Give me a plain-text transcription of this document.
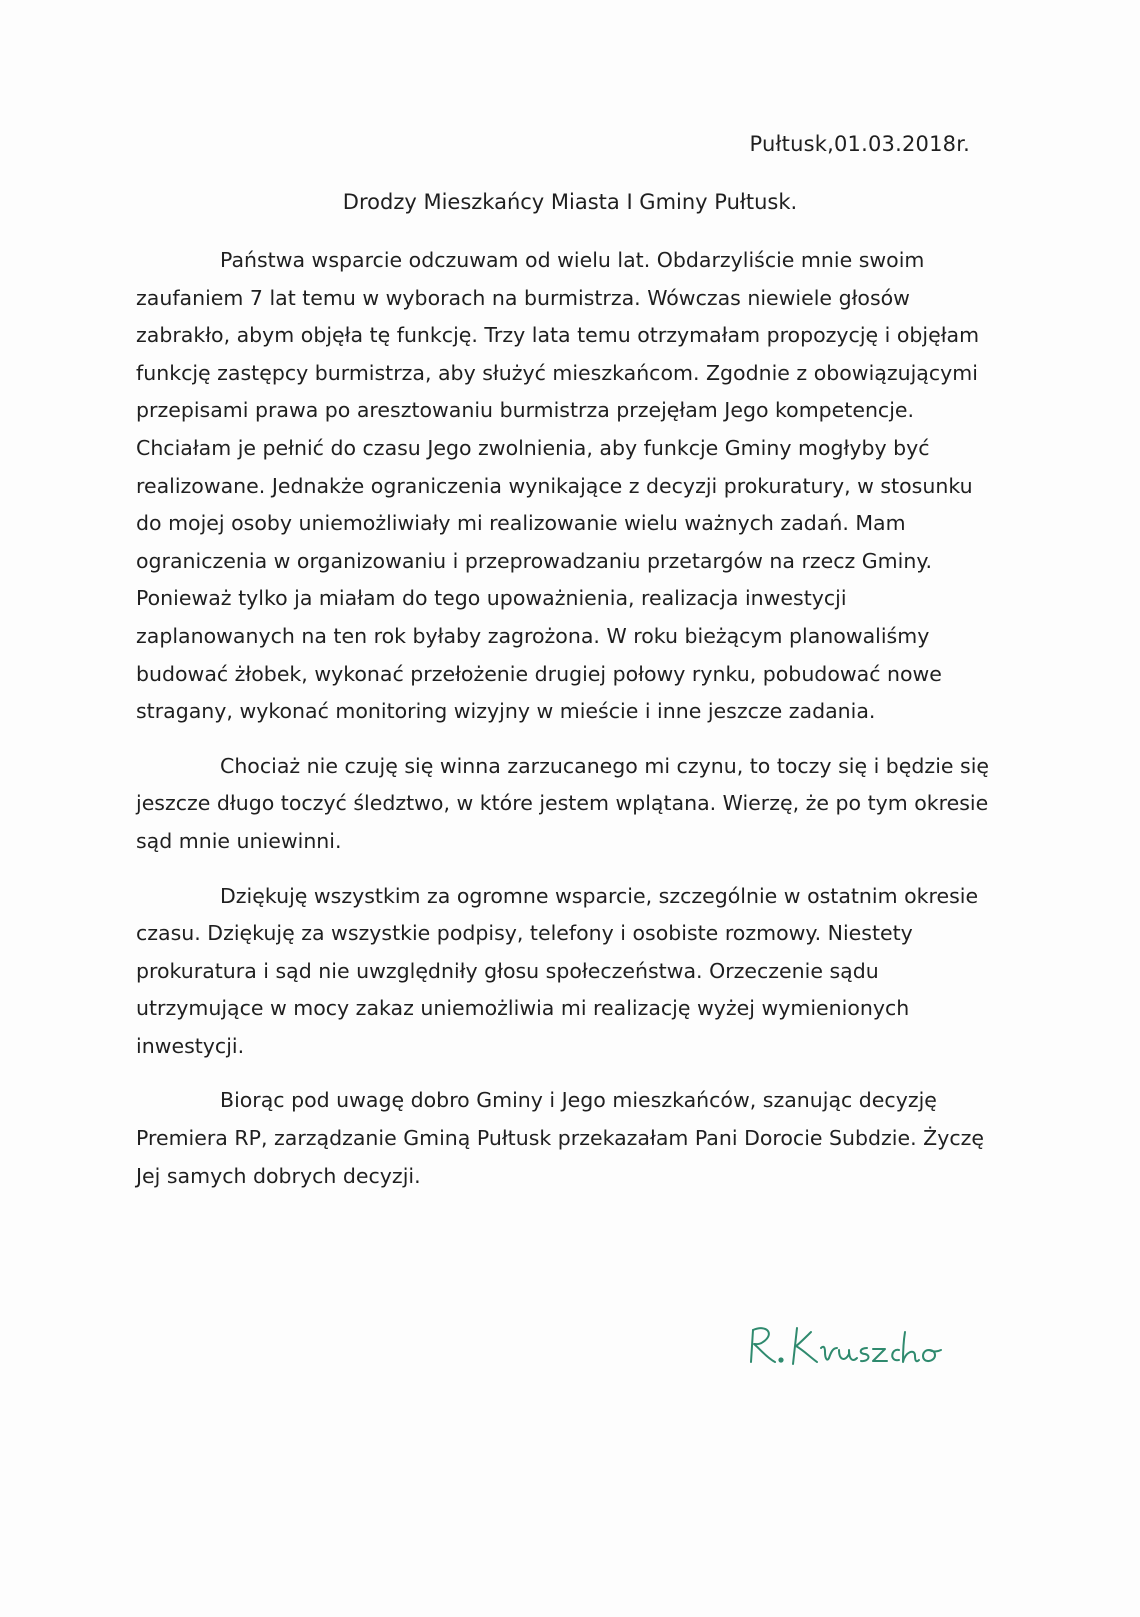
Pułtusk,01.03.2018r.
Drodzy Mieszkańcy Miasta I Gminy Pułtusk.

Państwa wsparcie odczuwam od wielu lat. Obdarzyliście mnie swoim zaufaniem 7 lat temu w wyborach na burmistrza. Wówczas niewiele głosów zabrakło, abym objęła tę funkcję. Trzy lata temu otrzymałam propozycję i objęłam funkcję zastępcy burmistrza, aby służyć mieszkańcom. Zgodnie z obowiązującymi przepisami prawa po aresztowaniu burmistrza przejęłam Jego kompetencje. Chciałam je pełnić do czasu Jego zwolnienia, aby funkcje Gminy mogłyby być realizowane. Jednakże ograniczenia wynikające z decyzji prokuratury, w stosunku do mojej osoby uniemożliwiały mi realizowanie wielu ważnych zadań. Mam ograniczenia w organizowaniu i przeprowadzaniu przetargów na rzecz Gminy. Ponieważ tylko ja miałam do tego upoważnienia, realizacja inwestycji zaplanowanych na ten rok byłaby zagrożona. W roku bieżącym planowaliśmy budować żłobek, wykonać przełożenie drugiej połowy rynku, pobudować nowe stragany, wykonać monitoring wizyjny w mieście i inne jeszcze zadania.

Chociaż nie czuję się winna zarzucanego mi czynu, to toczy się i będzie się jeszcze długo toczyć śledztwo, w które jestem wplątana. Wierzę, że po tym okresie sąd mnie uniewinni.

Dziękuję wszystkim za ogromne wsparcie, szczególnie w ostatnim okresie czasu. Dziękuję za wszystkie podpisy, telefony i osobiste rozmowy. Niestety prokuratura i sąd nie uwzględniły głosu społeczeństwa. Orzeczenie sądu utrzymujące w mocy zakaz uniemożliwia mi realizację wyżej wymienionych inwestycji.

Biorąc pod uwagę dobro Gminy i Jego mieszkańców, szanując decyzję Premiera RP, zarządzanie Gminą Pułtusk przekazałam Pani Dorocie Subdzie. Życzę Jej samych dobrych decyzji.
